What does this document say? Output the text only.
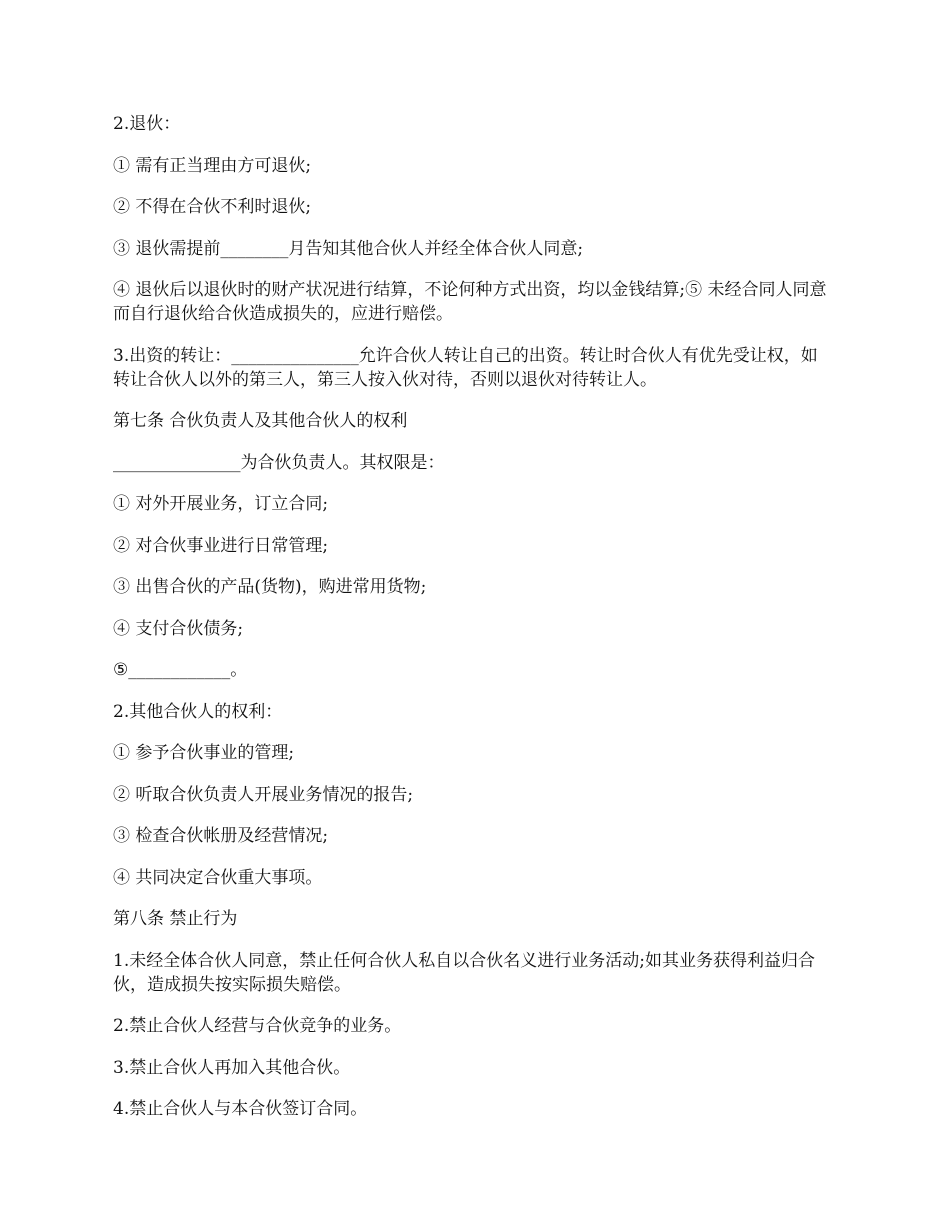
2.退伙：

① 需有正当理由方可退伙;

② 不得在合伙不利时退伙;

③ 退伙需提前________月告知其他合伙人并经全体合伙人同意;

④ 退伙后以退伙时的财产状况进行结算，不论何种方式出资，均以金钱结算;⑤ 未经合同人同意而自行退伙给合伙造成损失的，应进行赔偿。

3.出资的转让：_______________允许合伙人转让自己的出资。转让时合伙人有优先受让权，如转让合伙人以外的第三人，第三人按入伙对待，否则以退伙对待转让人。

第七条 合伙负责人及其他合伙人的权利

_______________为合伙负责人。其权限是：

① 对外开展业务，订立合同;

② 对合伙事业进行日常管理;

③ 出售合伙的产品(货物)，购进常用货物;

④ 支付合伙债务;

⑤____________。

2.其他合伙人的权利：

① 参予合伙事业的管理;

② 听取合伙负责人开展业务情况的报告;

③ 检查合伙帐册及经营情况;

④ 共同决定合伙重大事项。

第八条 禁止行为

1.未经全体合伙人同意，禁止任何合伙人私自以合伙名义进行业务活动;如其业务获得利益归合伙，造成损失按实际损失赔偿。

2.禁止合伙人经营与合伙竞争的业务。

3.禁止合伙人再加入其他合伙。

4.禁止合伙人与本合伙签订合同。
